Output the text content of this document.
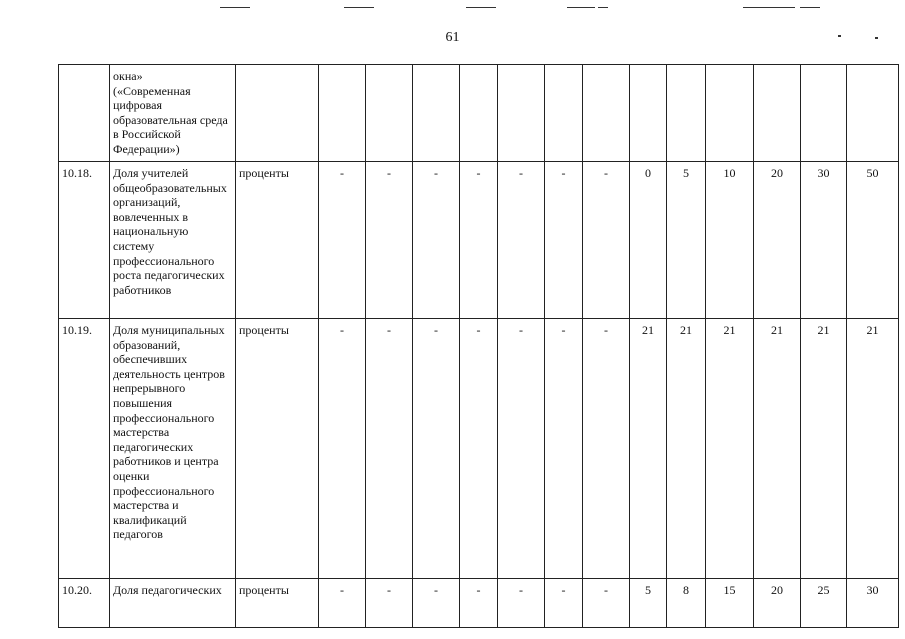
61
	окна»
(«Современная цифровая образовательная среда в Российской Федерации»)														
10.18.	Доля учителей общеобразовательных организаций, вовлеченных в национальную систему профессионального роста педагогических работников	проценты	-	-	-	-	-	-	-	0	5	10	20	30	50
10.19.	Доля муниципальных образований, обеспечивших деятельность центров непрерывного повышения профессионального мастерства педагогических работников и центра оценки профессионального мастерства и квалификаций педагогов	проценты	-	-	-	-	-	-	-	21	21	21	21	21	21
10.20.	Доля педагогических	проценты	-	-	-	-	-	-	-	5	8	15	20	25	30
